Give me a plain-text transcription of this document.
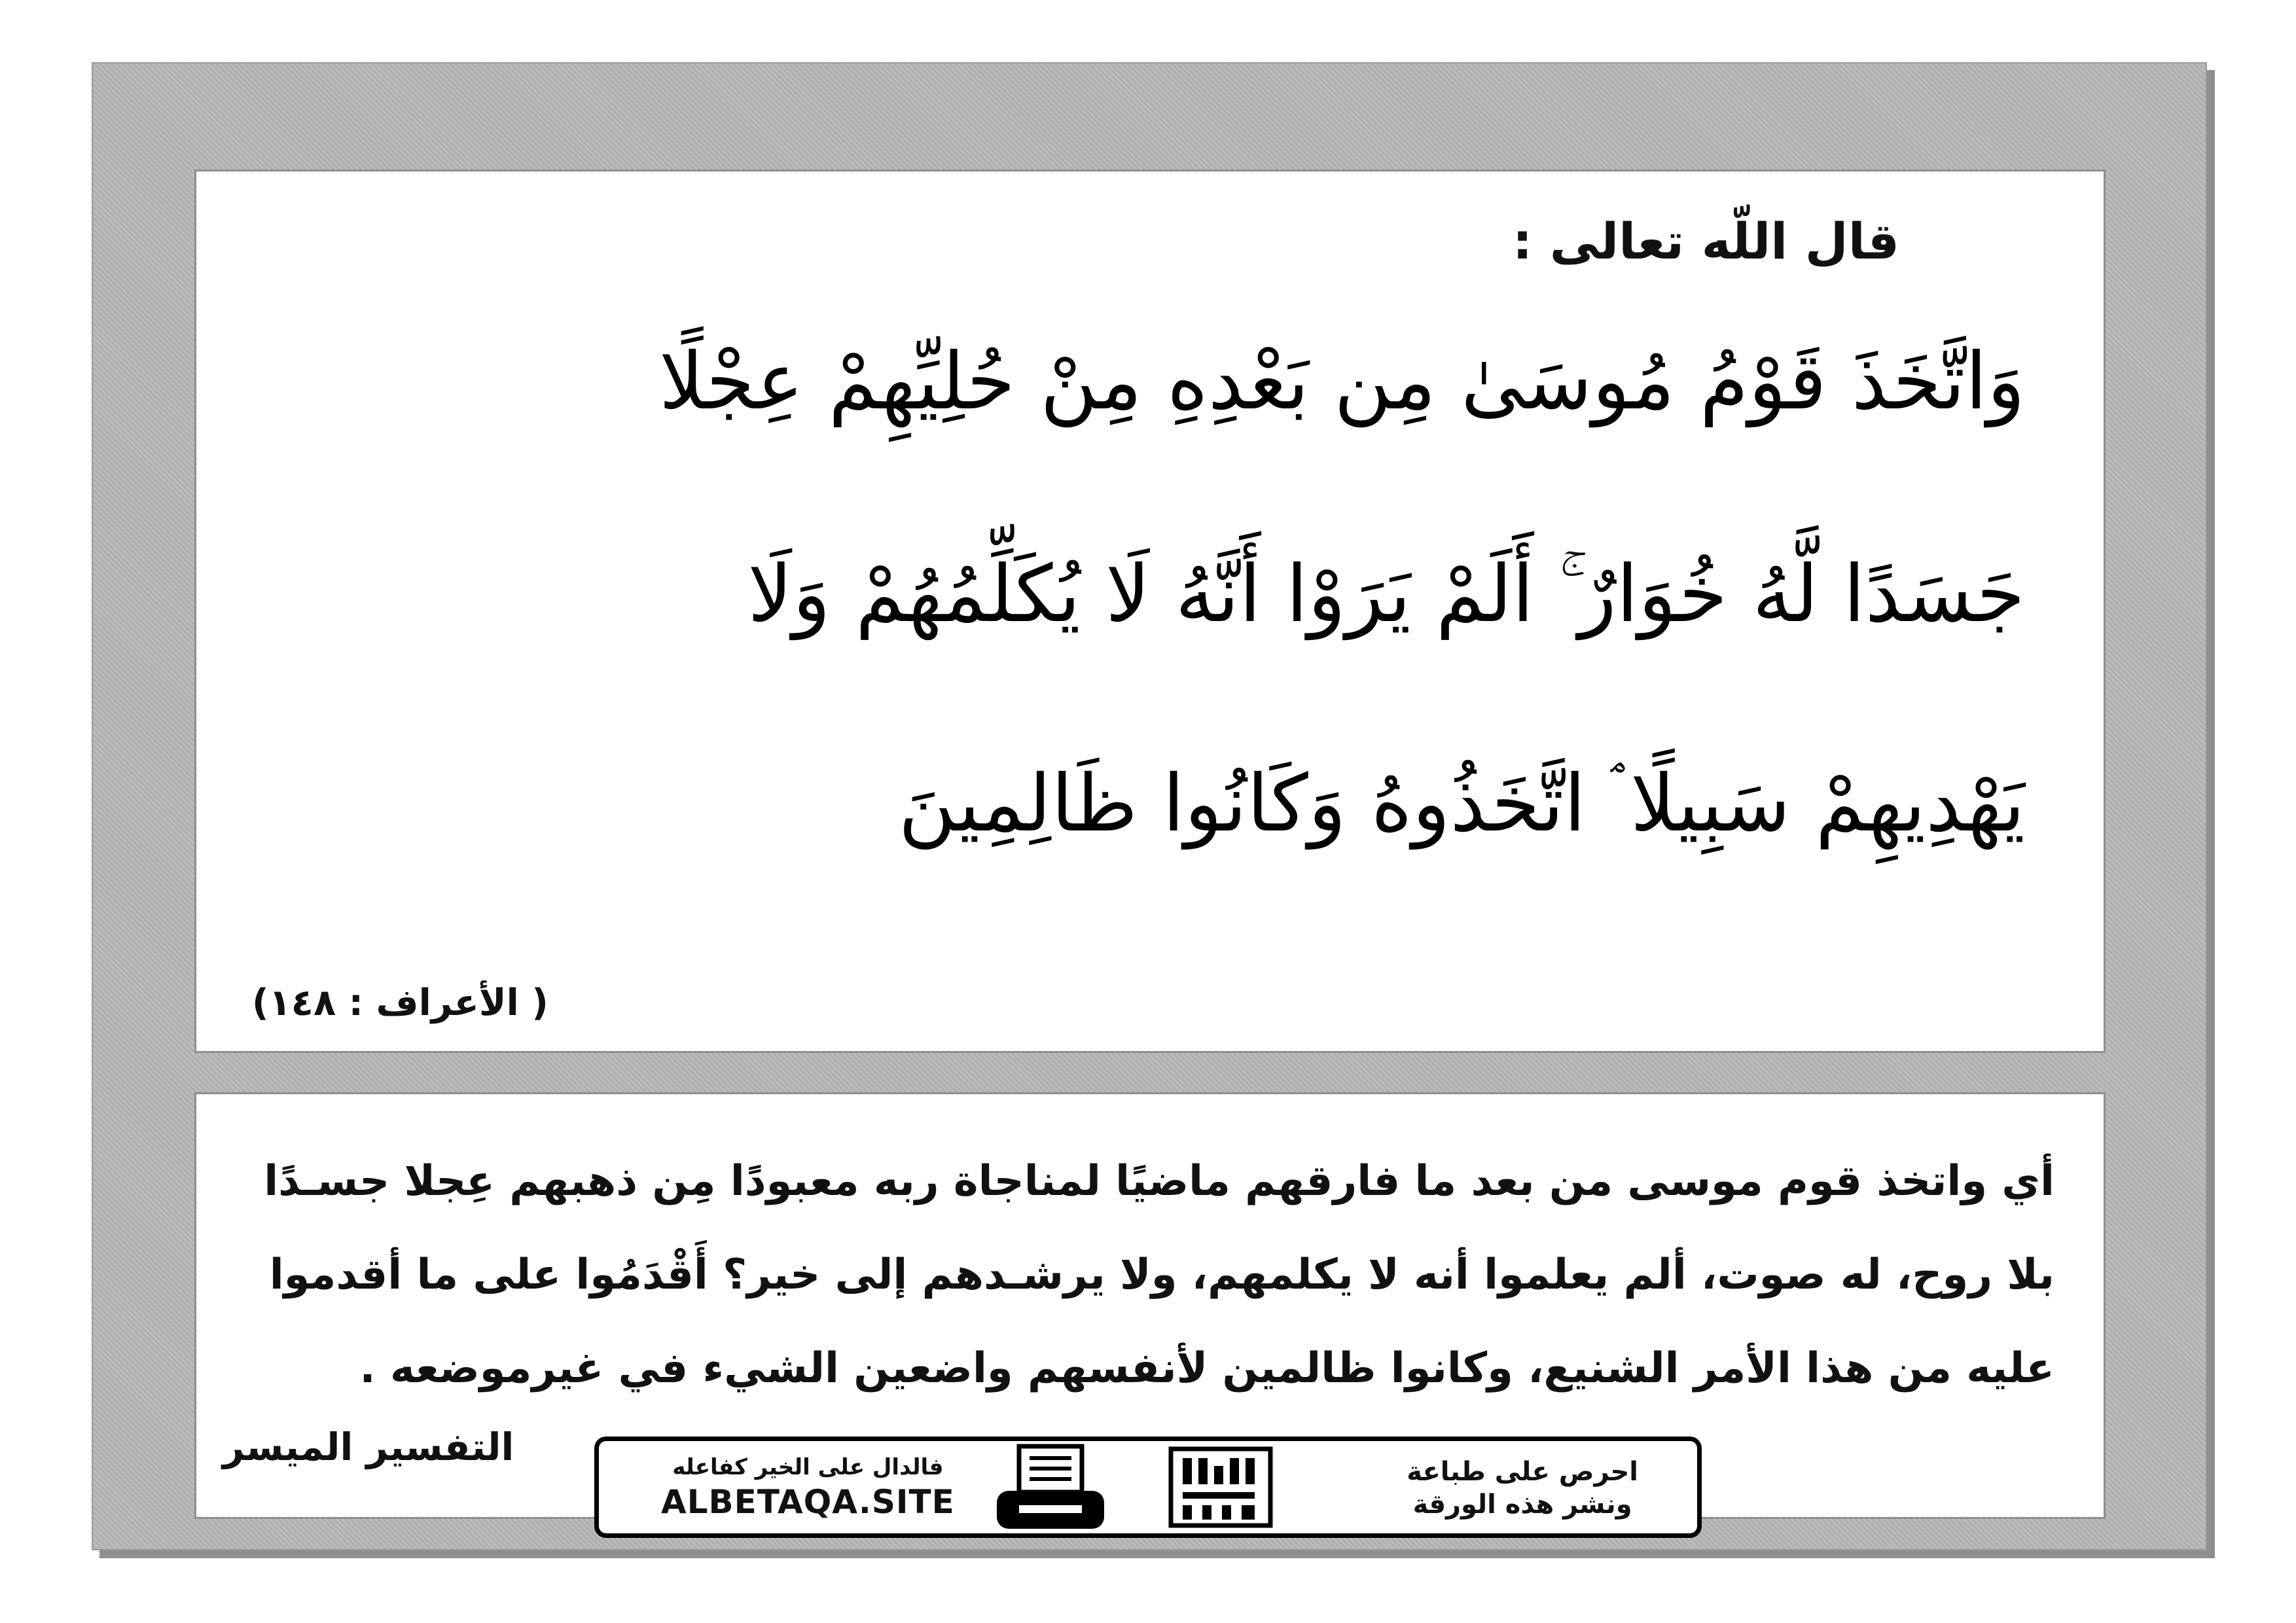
قال اللّه تعالى :
وَاتَّخَذَ قَوْمُ مُوسَىٰ مِن بَعْدِهِ مِنْ حُلِيِّهِمْ عِجْلًا
جَسَدًا لَّهُ خُوَارٌ ۚ أَلَمْ يَرَوْا أَنَّهُ لَا يُكَلِّمُهُمْ وَلَا
يَهْدِيهِمْ سَبِيلًا ۘ اتَّخَذُوهُ وَكَانُوا ظَالِمِينَ
( الأعراف : ١٤٨)
أي واتخذ قوم موسى من بعد ما فارقهم ماضيًا لمناجاة ربه معبودًا مِن ذهبهم عِجلا جسـدًا
بلا روح، له صوت، ألم يعلموا أنه لا يكلمهم، ولا يرشـدهم إلى خير؟ أَقْدَمُوا على ما أقدموا
عليه من هذا الأمر الشنيع، وكانوا ظالمين لأنفسهم واضعين الشيء في غيرموضعه .
التفسير الميسر	فالدال على الخير كفاعله
ALBETAQA.SITE
احرص على طباعة
ونشر هذه الورقة
